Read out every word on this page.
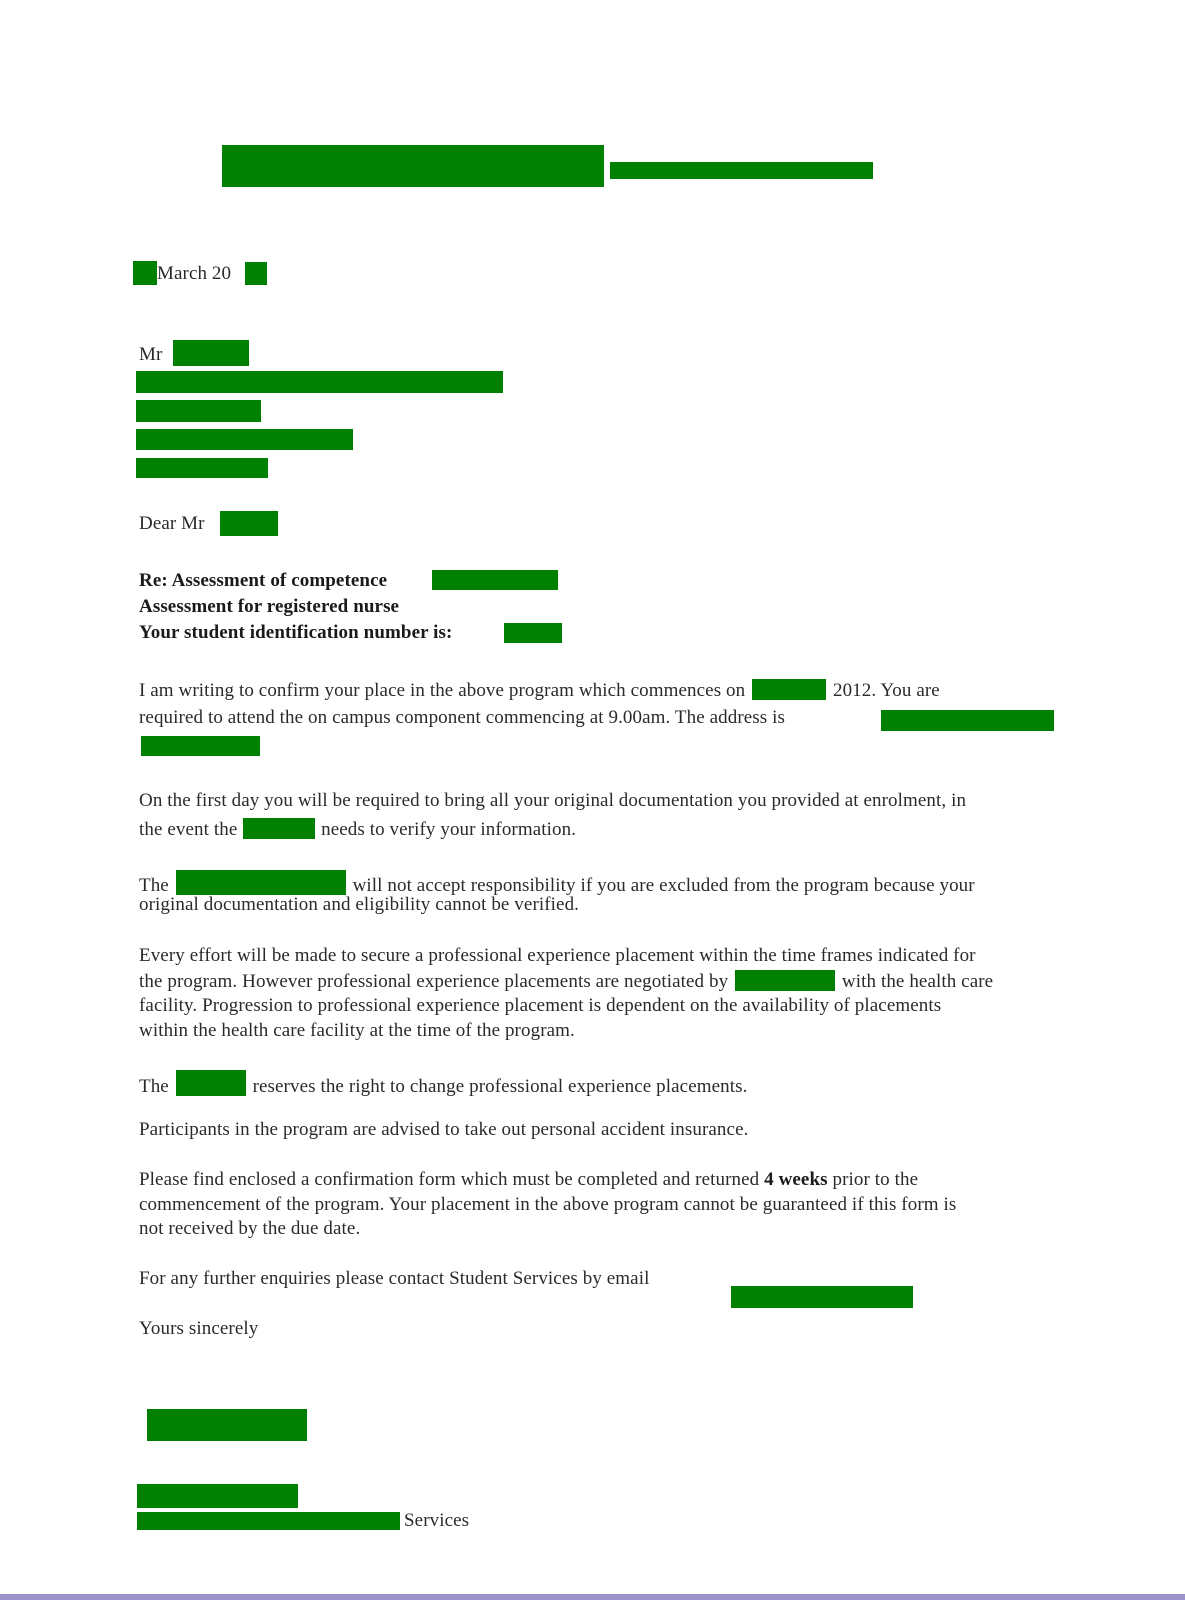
March 20
Mr
Dear Mr
Re: Assessment of competence
Assessment for registered nurse
Your student identification number is:
I am writing to confirm your place in the above program which commences on	2012. You are
required to attend the on campus component commencing at 9.00am. The address is
On the first day you will be required to bring all your original documentation you provided at enrolment, in
the event the	needs to verify your information.
The	will not accept responsibility if you are excluded from the program because your
original documentation and eligibility cannot be verified.
Every effort will be made to secure a professional experience placement within the time frames indicated for
the program. However professional experience placements are negotiated by	with the health care
facility. Progression to professional experience placement is dependent on the availability of placements
within the health care facility at the time of the program.
The	reserves the right to change professional experience placements.
Participants in the program are advised to take out personal accident insurance.
Please find enclosed a confirmation form which must be completed and returned 4 weeks prior to the
commencement of the program. Your placement in the above program cannot be guaranteed if this form is
not received by the due date.
For any further enquiries please contact Student Services by email
Yours sincerely
Services
